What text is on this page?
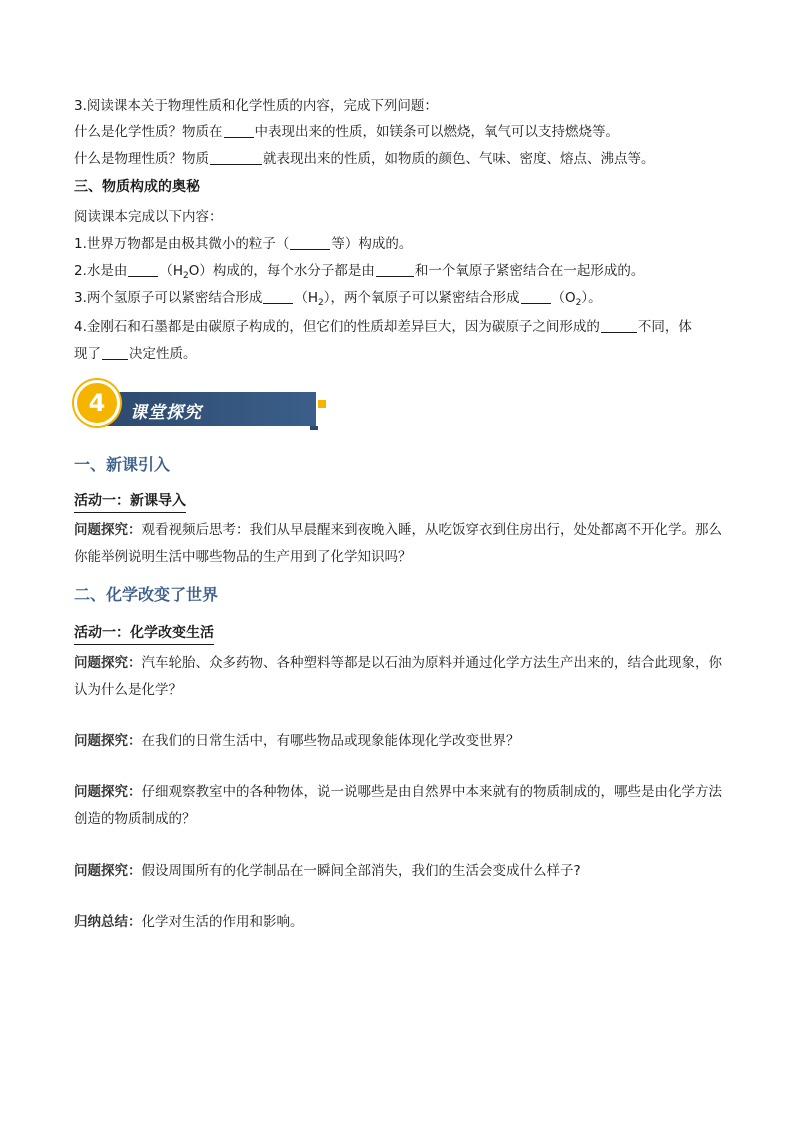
3.阅读课本关于物理性质和化学性质的内容，完成下列问题：
什么是化学性质？物质在 中表现出来的性质，如镁条可以燃烧，氧气可以支持燃烧等。
什么是物理性质？物质	就表现出来的性质，如物质的颜色、气味、密度、熔点、沸点等。
三、物质构成的奥秘
阅读课本完成以下内容：
1.世界万物都是由极其微小的粒子（	等）构成的。
2.水是由 $(H_2O)$构成的，每个水分子都是由	和一个氧原子紧密结合在一起形成的。
3.两个氢原子可以紧密结合形成 $(H_2)$，两个氧原子可以紧密结合形成 $(O_2)$。
4.金刚石和石墨都是由碳原子构成的，但它们的性质却差异巨大，因为碳原子之间形成的	不同，体
现了 决定性质。
课堂探究
4
一、新课引入
活动一：新课导入
问题探究：观看视频后思考：我们从早晨醒来到夜晚入睡，从吃饭穿衣到住房出行，处处都离不开化学。那么你能举例说明生活中哪些物品的生产用到了化学知识吗？
二、化学改变了世界
活动一：化学改变生活
问题探究：汽车轮胎、众多药物、各种塑料等都是以石油为原料并通过化学方法生产出来的，结合此现象，你认为什么是化学？
问题探究：在我们的日常生活中，有哪些物品或现象能体现化学改变世界？
问题探究：仔细观察教室中的各种物体，说一说哪些是由自然界中本来就有的物质制成的，哪些是由化学方法创造的物质制成的？
问题探究：假设周围所有的化学制品在一瞬间全部消失，我们的生活会变成什么样子?
归纳总结：化学对生活的作用和影响。
